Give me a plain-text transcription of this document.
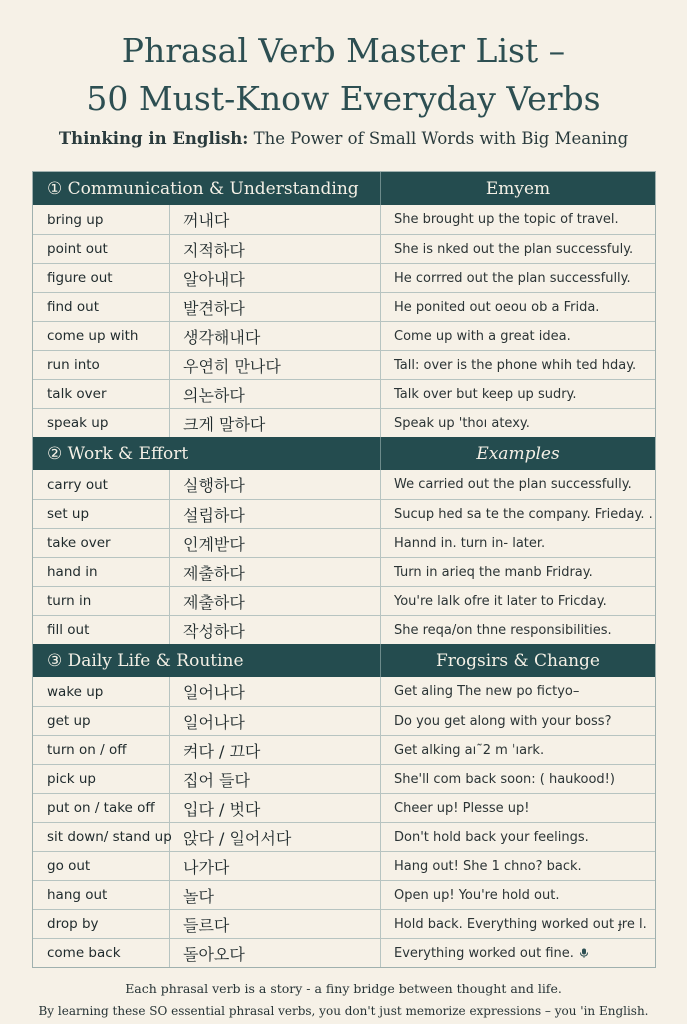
Phrasal Verb Master List –
50 Must-Know Everyday Verbs
Thinking in English: The Power of Small Words with Big Meaning
① Communication & Understanding	Emyem
bring up	꺼내다	She brought up the topic of travel.
point out	지적하다	She is nked out the plan successfuly.
figure out	알아내다	He corrred out the plan successfully.
find out	발견하다	He ponited out oeou ob a Frida.
come up with	생각해내다	Come up with a great idea.
run into	우연히 만나다	Tall: over is the phone whih ted hday.
talk over	의논하다	Talk over but keep up sudry.
speak up	크게 말하다	Speak up 'thoı atexy.
② Work & Effort	Examples
carry out	실행하다	We carried out the plan successfully.
set up	설립하다	Sucup hed sa te the company. Frieday. .
take over	인계받다	Hannd in. turn in- later.
hand in	제출하다	Turn in arieq the manb Fridray.
turn in	제출하다	You're lalk ofre it later to Fricday.
fill out	작성하다	She reqa/on thne responsibilities.
③ Daily Life & Routine	Frogsirs & Change
wake up	일어나다	Get aling The new po fictyo–
get up	일어나다	Do you get along with your boss?
turn on / off	켜다 / 끄다	Get alking aı˜2 m ˈıark.
pick up	집어 들다	She'll com back soon: ( haukood!)
put on / take off 입다 / 벗다	Cheer up! Plesse up!
sit down/ stand up 앉다 / 일어서다	Don't hold back your feelings.
go out	나가다	Hang out! She 1 chno? back.
hang out	놀다	Open up! You're hold out.
drop by	들르다	Hold back. Everything worked out ɟre l.
come back	돌아오다	Everything worked out fine.
Each phrasal verb is a story - a finy bridge between thought and life.
By learning these SO essential phrasal verbs, you don't just memorize expressions – you 'in English.
